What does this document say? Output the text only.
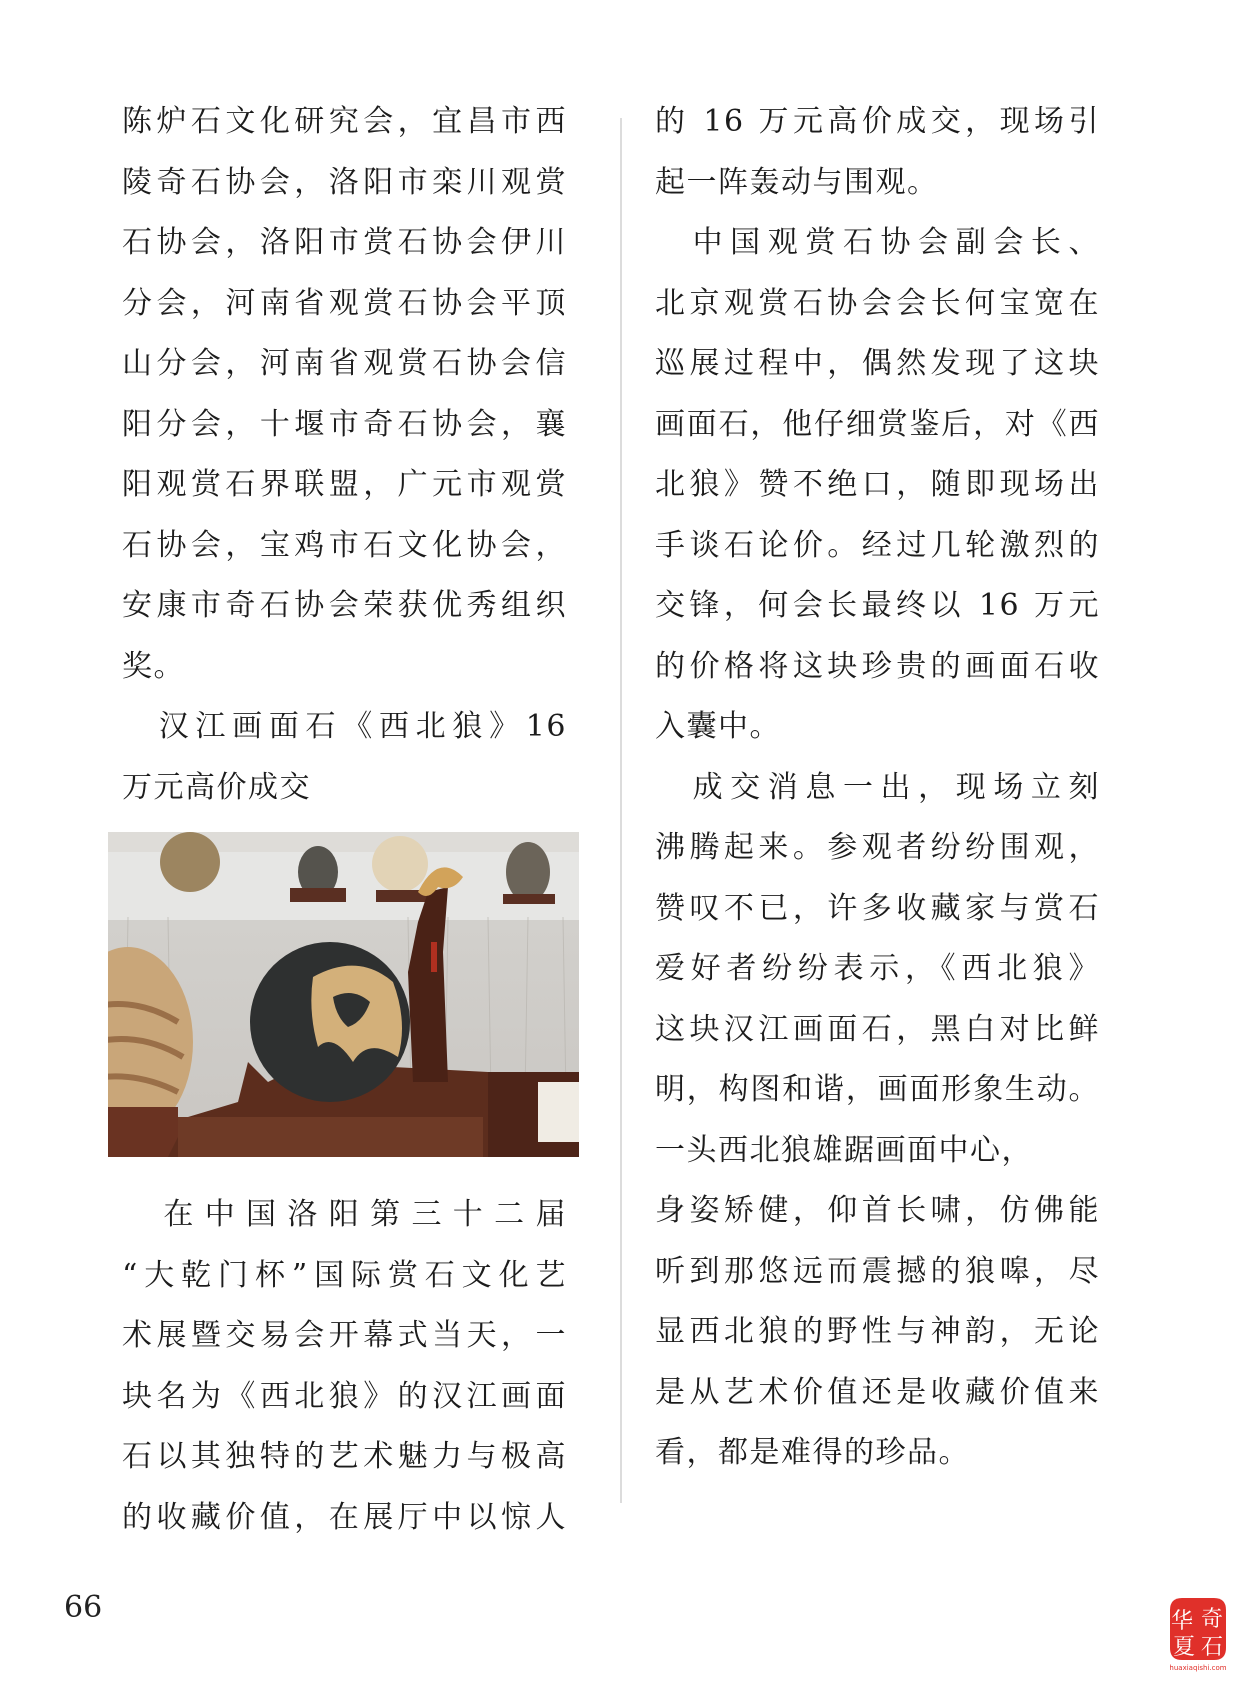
陈炉石文化研究会，宜昌市西
陵奇石协会，洛阳市栾川观赏
石协会，洛阳市赏石协会伊川
分会，河南省观赏石协会平顶
山分会，河南省观赏石协会信
阳分会，十堰市奇石协会，襄
阳观赏石界联盟，广元市观赏
石协会，宝鸡市石文化协会，
安康市奇石协会荣获优秀组织
奖。
　汉江画面石《西北狼》16
万元高价成交
　在中国洛阳第三十二届
“大乾门杯”国际赏石文化艺
术展暨交易会开幕式当天，一
块名为《西北狼》的汉江画面
石以其独特的艺术魅力与极高
的收藏价值，在展厅中以惊人
的 16 万元高价成交，现场引
起一阵轰动与围观。
　中国观赏石协会副会长、
北京观赏石协会会长何宝宽在
巡展过程中，偶然发现了这块
画面石，他仔细赏鉴后，对《西
北狼》赞不绝口，随即现场出
手谈石论价。经过几轮激烈的
交锋，何会长最终以 16 万元
的价格将这块珍贵的画面石收
入囊中。
　成交消息一出，现场立刻
沸腾起来。参观者纷纷围观，
赞叹不已，许多收藏家与赏石
爱好者纷纷表示，《西北狼》
这块汉江画面石，黑白对比鲜
明，构图和谐，画面形象生动。
一头西北狼雄踞画面中心，
身姿矫健，仰首长啸，仿佛能
听到那悠远而震撼的狼嗥，尽
显西北狼的野性与神韵，无论
是从艺术价值还是收藏价值来
看，都是难得的珍品。
66	华 奇
夏 石
huaxiaqishi.com
